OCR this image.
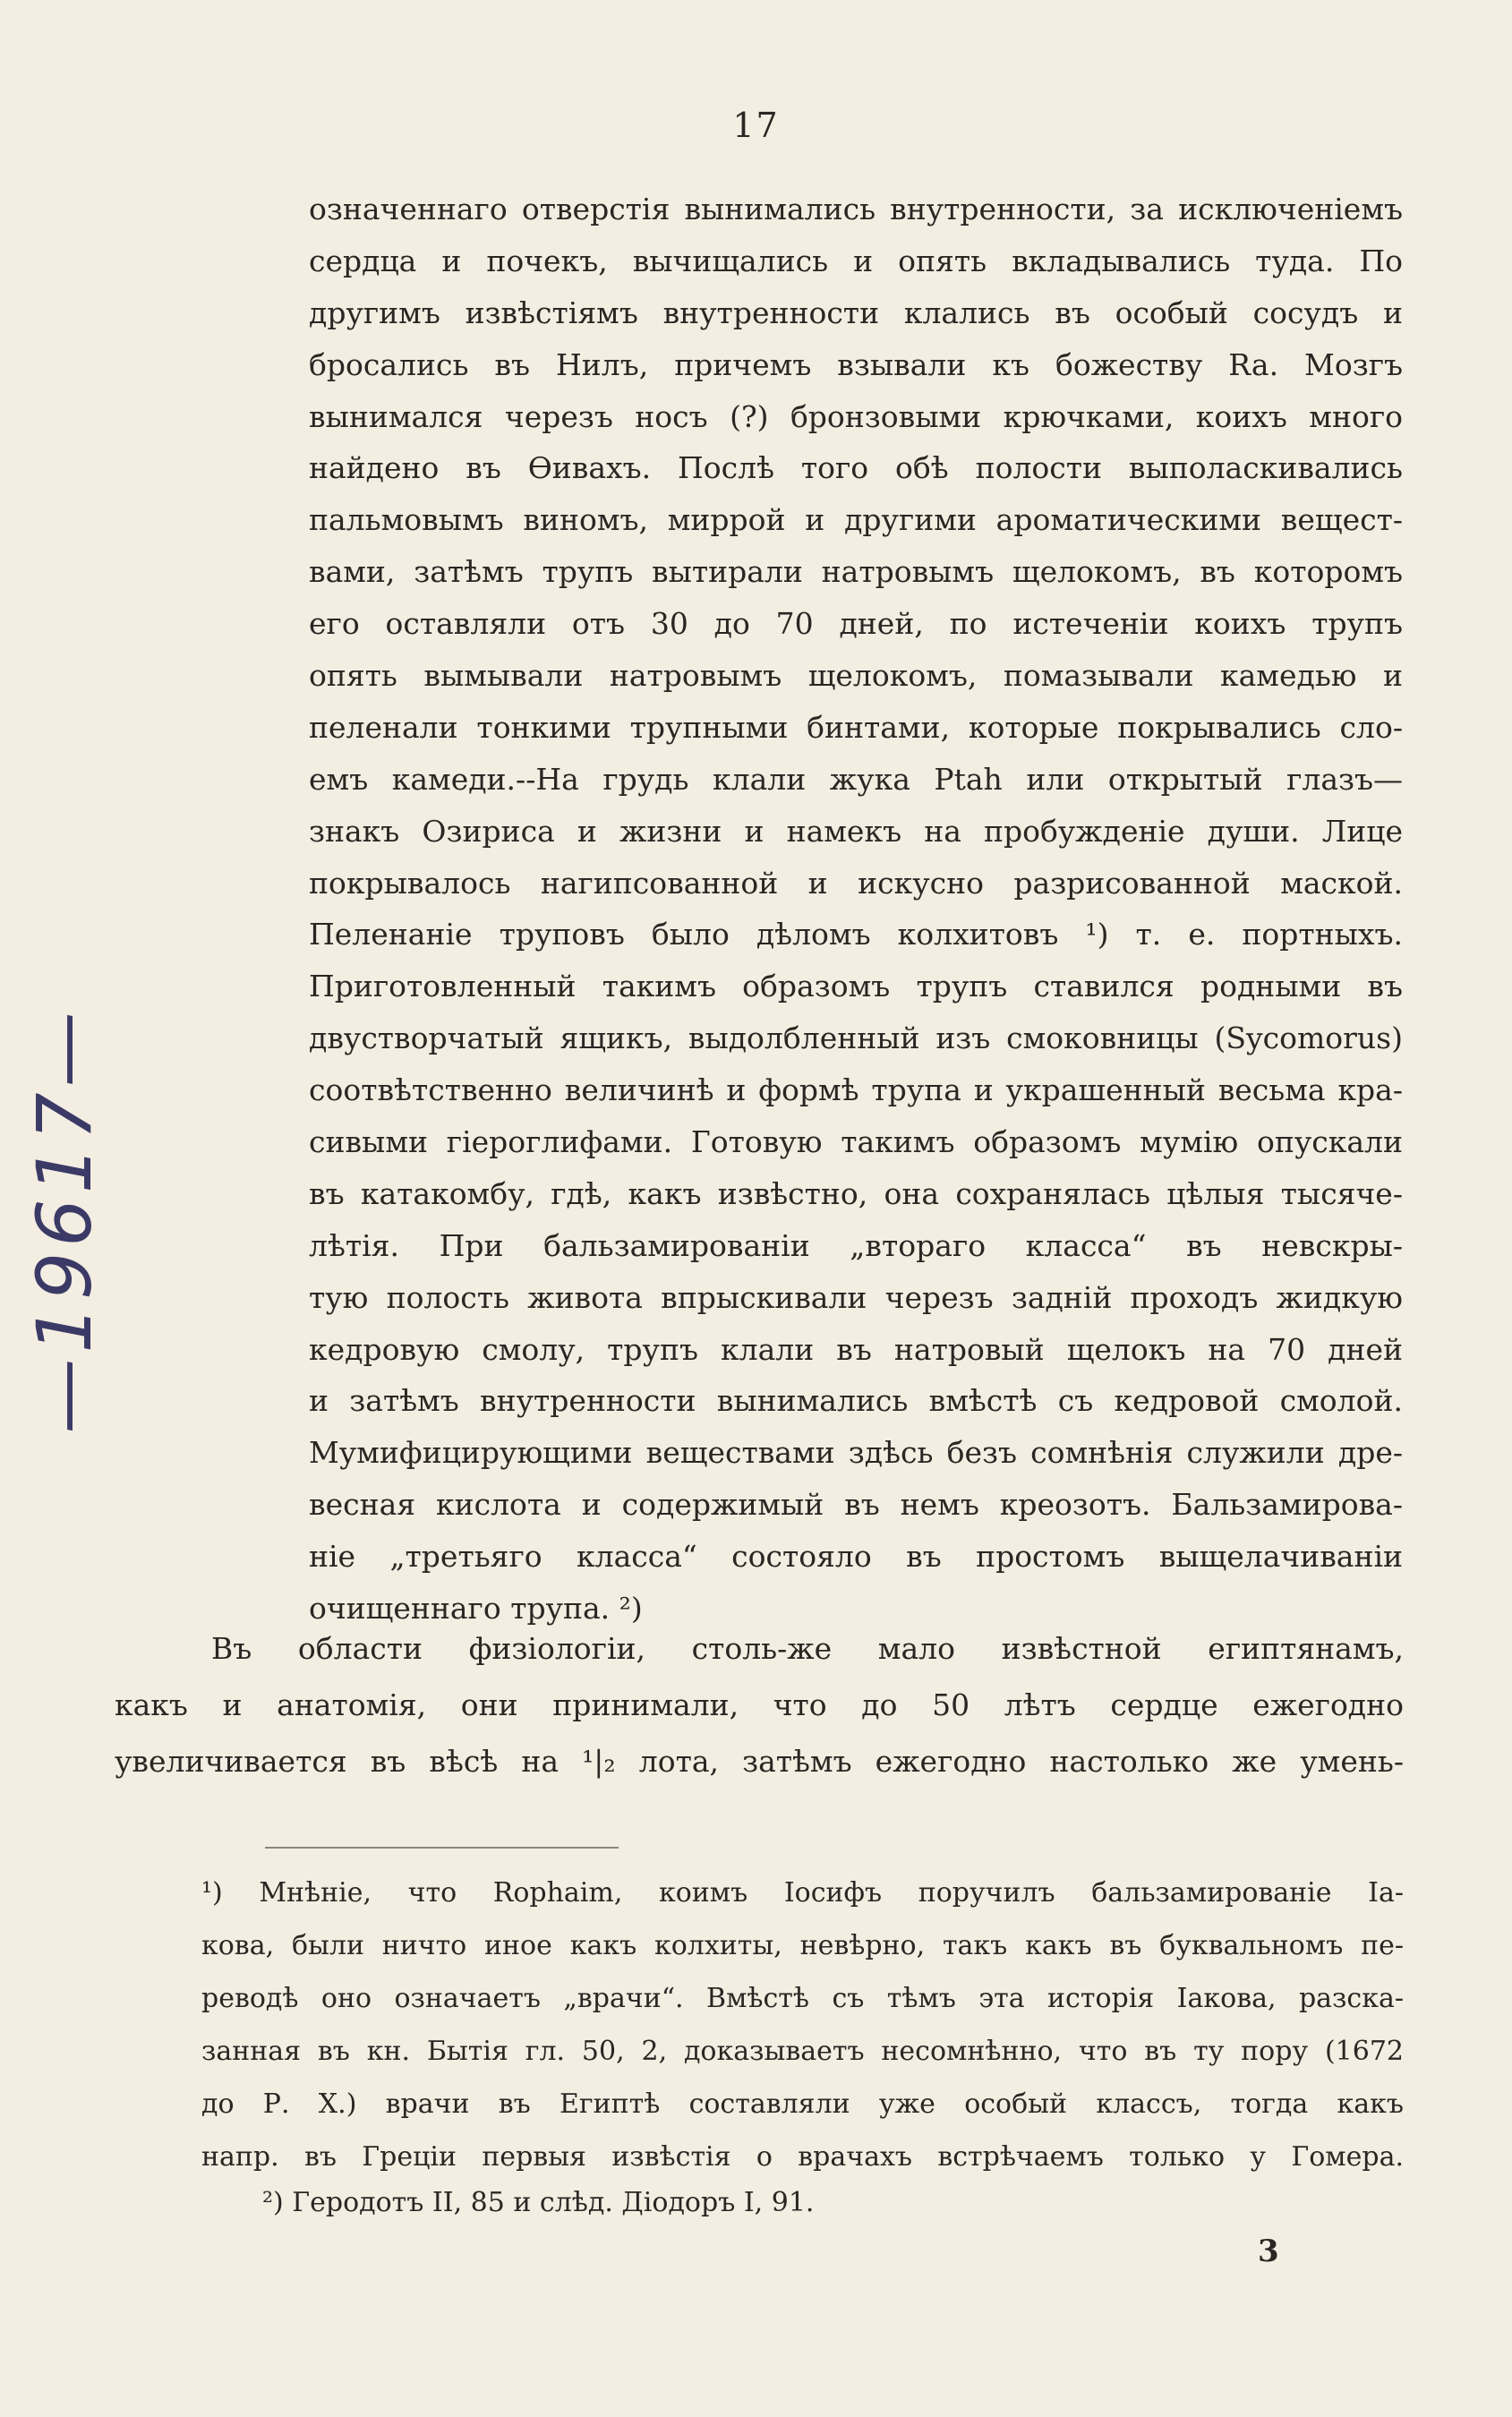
17
означеннаго отверстія вынимались внутренности, за исключеніемъ
сердца и почекъ, вычищались и опять вкладывались туда. По
другимъ извѣстіямъ внутренности клались въ особый сосудъ и
бросались въ Нилъ, причемъ взывали къ божеству Ra. Мозгъ
вынимался черезъ носъ (?) бронзовыми крючками, коихъ много
найдено въ Ѳивахъ. Послѣ того обѣ полости выполаскивались
пальмовымъ виномъ, миррой и другими ароматическими вещест-
вами, затѣмъ трупъ вытирали натровымъ щелокомъ, въ которомъ
его оставляли отъ 30 до 70 дней, по истеченіи коихъ трупъ
опять вымывали натровымъ щелокомъ, помазывали камедью и
пеленали тонкими трупными бинтами, которые покрывались сло-
емъ камеди.--На грудь клали жука Ptah или открытый глазъ—
знакъ Озириса и жизни и намекъ на пробужденіе души. Лице
покрывалось нагипсованной и искусно разрисованной маской.
Пеленаніе труповъ было дѣломъ колхитовъ ¹) т. е. портныхъ.
Приготовленный такимъ образомъ трупъ ставился родными въ
двустворчатый ящикъ, выдолбленный изъ смоковницы (Sycomorus)
соотвѣтственно величинѣ и формѣ трупа и украшенный весьма кра-
сивыми гіероглифами. Готовую такимъ образомъ мумію опускали
въ катакомбу, гдѣ, какъ извѣстно, она сохранялась цѣлыя тысяче-
лѣтія. При бальзамированіи „втораго класса“ въ невскры-
тую полость живота впрыскивали черезъ задній проходъ жидкую
кедровую смолу, трупъ клали въ натровый щелокъ на 70 дней
и затѣмъ внутренности вынимались вмѣстѣ съ кедровой смолой.
Мумифицирующими веществами здѣсь безъ сомнѣнія служили дре-
весная кислота и содержимый въ немъ креозотъ. Бальзамирова-
ніе „третьяго класса“ состояло въ простомъ выщелачиваніи
очищеннаго трупа. ²)
Въ области физіологіи, столь-же мало извѣстной египтянамъ,
какъ и анатомія, они принимали, что до 50 лѣтъ сердце ежегодно
увеличивается въ вѣсѣ на ¹|₂ лота, затѣмъ ежегодно настолько же умень-
¹) Мнѣніе, что Rophaim, коимъ Іосифъ поручилъ бальзамированіе Іа-
кова, были ничто иное какъ колхиты, невѣрно, такъ какъ въ буквальномъ пе-
реводѣ оно означаетъ „врачи“. Вмѣстѣ съ тѣмъ эта исторія Іакова, разска-
занная въ кн. Бытія гл. 50, 2, доказываетъ несомнѣнно, что въ ту пору (1672
до Р. Х.) врачи въ Египтѣ составляли уже особый классъ, тогда какъ
напр. въ Греціи первыя извѣстія о врачахъ встрѣчаемъ только у Гомера.
²) Геродотъ II, 85 и слѣд. Діодоръ I, 91.
3
—19617—
